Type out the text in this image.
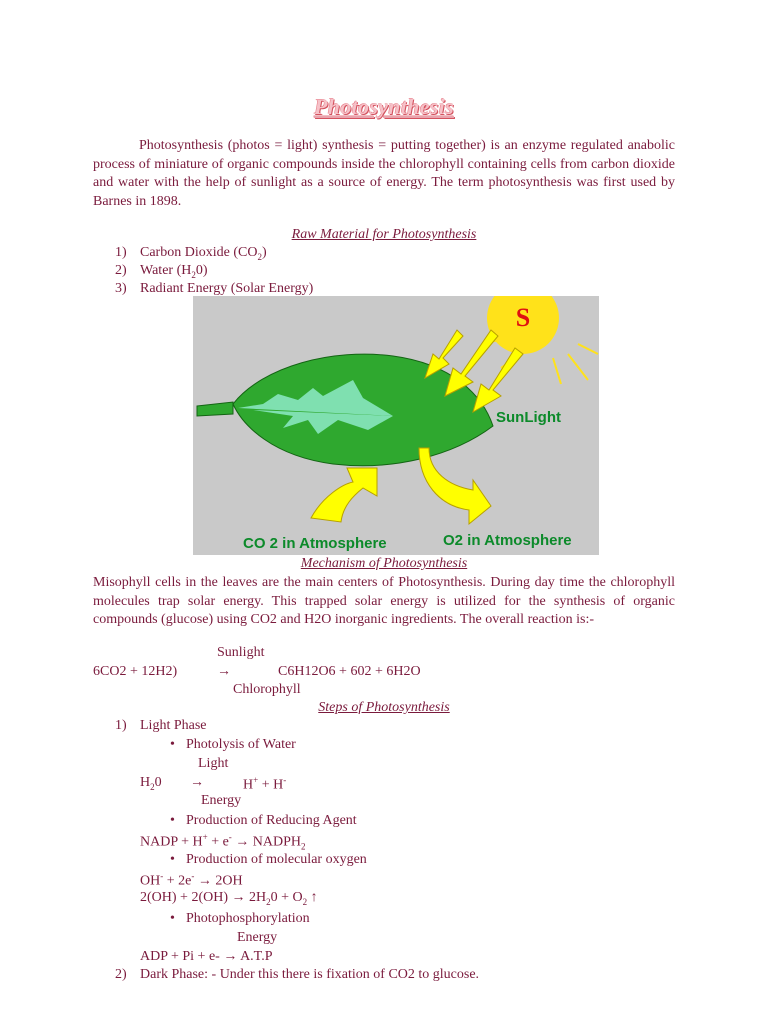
Photosynthesis
Photosynthesis (photos = light) synthesis = putting together) is an enzyme regulated anabolic process of miniature of organic compounds inside the chlorophyll containing cells from carbon dioxide and water with the help of sunlight as a source of energy. The term photosynthesis was first used by Barnes in 1898.
Raw Material for Photosynthesis
1) Carbon Dioxide $(CO_2)$
2) Water $(H_20)$
3) Radiant Energy (Solar Energy)
S
SunLight
CO 2 in Atmosphere	O2 in Atmosphere
Mechanism of Photosynthesis
Misophyll cells in the leaves are the main centers of Photosynthesis. During day time the chlorophyll molecules trap solar energy. This trapped solar energy is utilized for the synthesis of organic compounds (glucose) using CO2 and H2O inorganic ingredients. The overall reaction is:-
Sunlight
6CO2 + 12H2)	→	C6H12O6 + 602 + 6H2O
Chlorophyll
Steps of Photosynthesis
1) Light Phase
• Photolysis of Water
Light
$H_20$ →	H+ + H-
Energy
• Production of Reducing Agent
NADP + $H^+ + e^- \to NADPH_2$
• Production of molecular oxygen
OH- + 2e- → 2OH
$2(OH) + 2(OH) \to 2H_20 + O_2$ ↑
• Photophosphorylation
Energy
ADP + Pi + e- → A.T.P
2) Dark Phase: - Under this there is fixation of CO2 to glucose.
